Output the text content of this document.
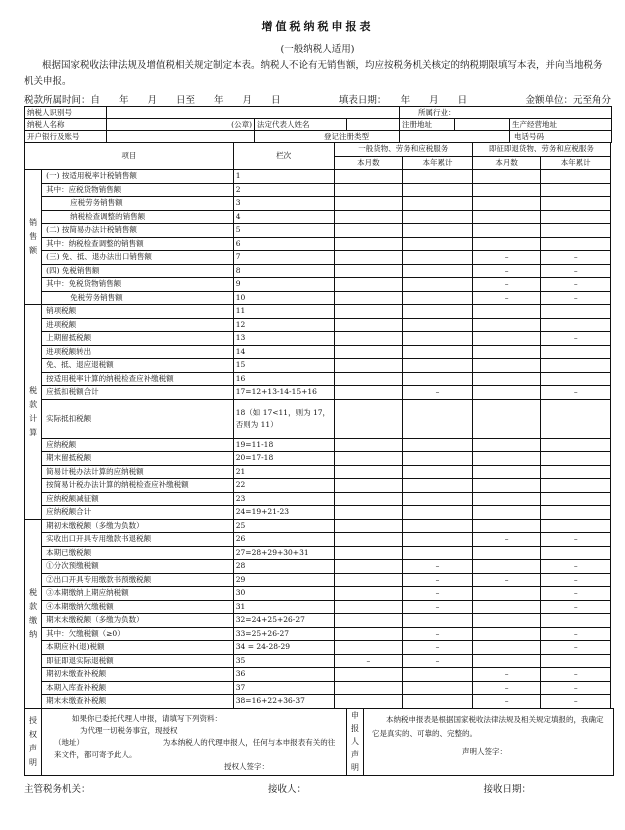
增值税纳税申报表
(一般纳税人适用)
根据国家税收法律法规及增值税相关规定制定本表。纳税人不论有无销售额，均应按税务机关核定的纳税期限填写本表，并向当地税务机关申报。
税款所属时间：自　　年　　月　　日至　　年　　月　　日	填表日期：　　年　　月　　日	金额单位：元至角分
纳税人识别号				所属行业：		
纳税人名称	(公章)	法定代表人姓名		注册地址		生产经营地址
开户银行及账号		登记注册类型				电话号码
项目		栏次	一般货物、劳务和应税服务		即征即退货物、劳务和应税服务	
			本月数	本年累计	本月数	本年累计

销
售
额	(一) 按适用税率计税销售额	1				
	其中：应税货物销售额	2				
	应税劳务销售额	3				
	纳税检查调整的销售额	4				
	(二) 按简易办法计税销售额	5				
	其中：纳税检查调整的销售额	6				
	(三) 免、抵、退办法出口销售额	7			–	–
	(四) 免税销售额	8			–	–
	其中：免税货物销售额	9			–	–
	免税劳务销售额	10			–	–

税
款
计
算	销项税额	11				
	进项税额	12				
	上期留抵税额	13				–
	进项税额转出	14				
	免、抵、退应退税额	15				
	按适用税率计算的纳税检查应补缴税额	16				
	应抵扣税额合计	17=12+13-14-15+16		–		–
	实际抵扣税额	18（如 17<11，则为 17，否则为 11）				
	应纳税额	19=11-18				
	期末留抵税额	20=17-18				
	简易计税办法计算的应纳税额	21				
	按简易计税办法计算的纳税检查应补缴税额	22				
	应纳税额减征额	23				
	应纳税额合计	24=19+21-23				

税
款
缴
纳	期初未缴税额（多缴为负数）	25				
	实收出口开具专用缴款书退税额	26			–	–
	本期已缴税额	27=28+29+30+31				
	①分次预缴税额	28		–		–
	②出口开具专用缴款书预缴税额	29		–	–	–
	③本期缴纳上期应纳税额	30		–		–
	④本期缴纳欠缴税额	31		–		–
	期末未缴税额（多缴为负数）	32=24+25+26-27				
	其中：欠缴税额（≥0）	33=25+26-27		–		–
	本期应补(退)税额	34 = 24-28-29		–		–
	即征即退实际退税额	35	–	–		
	期初未缴查补税额	36			–	–
	本期入库查补税额	37			–	–
	期末未缴查补税额	38=16+22+36-37			–	–
授
权
声
明

如果你已委托代理人申报，请填写下列资料：
为代理一切税务事宜，现授权
（地址）　　　　　　　　　　　为本纳税人的代理申报人，任何与本申报表有关的往来文件，都可寄予此人。
授权人签字：

申
报
人
声
明

本纳税申报表是根据国家税收法律法规及相关规定填报的，我确定它是真实的、可靠的、完整的。
声明人签字：
主管税务机关：	接收人：	接收日期：
